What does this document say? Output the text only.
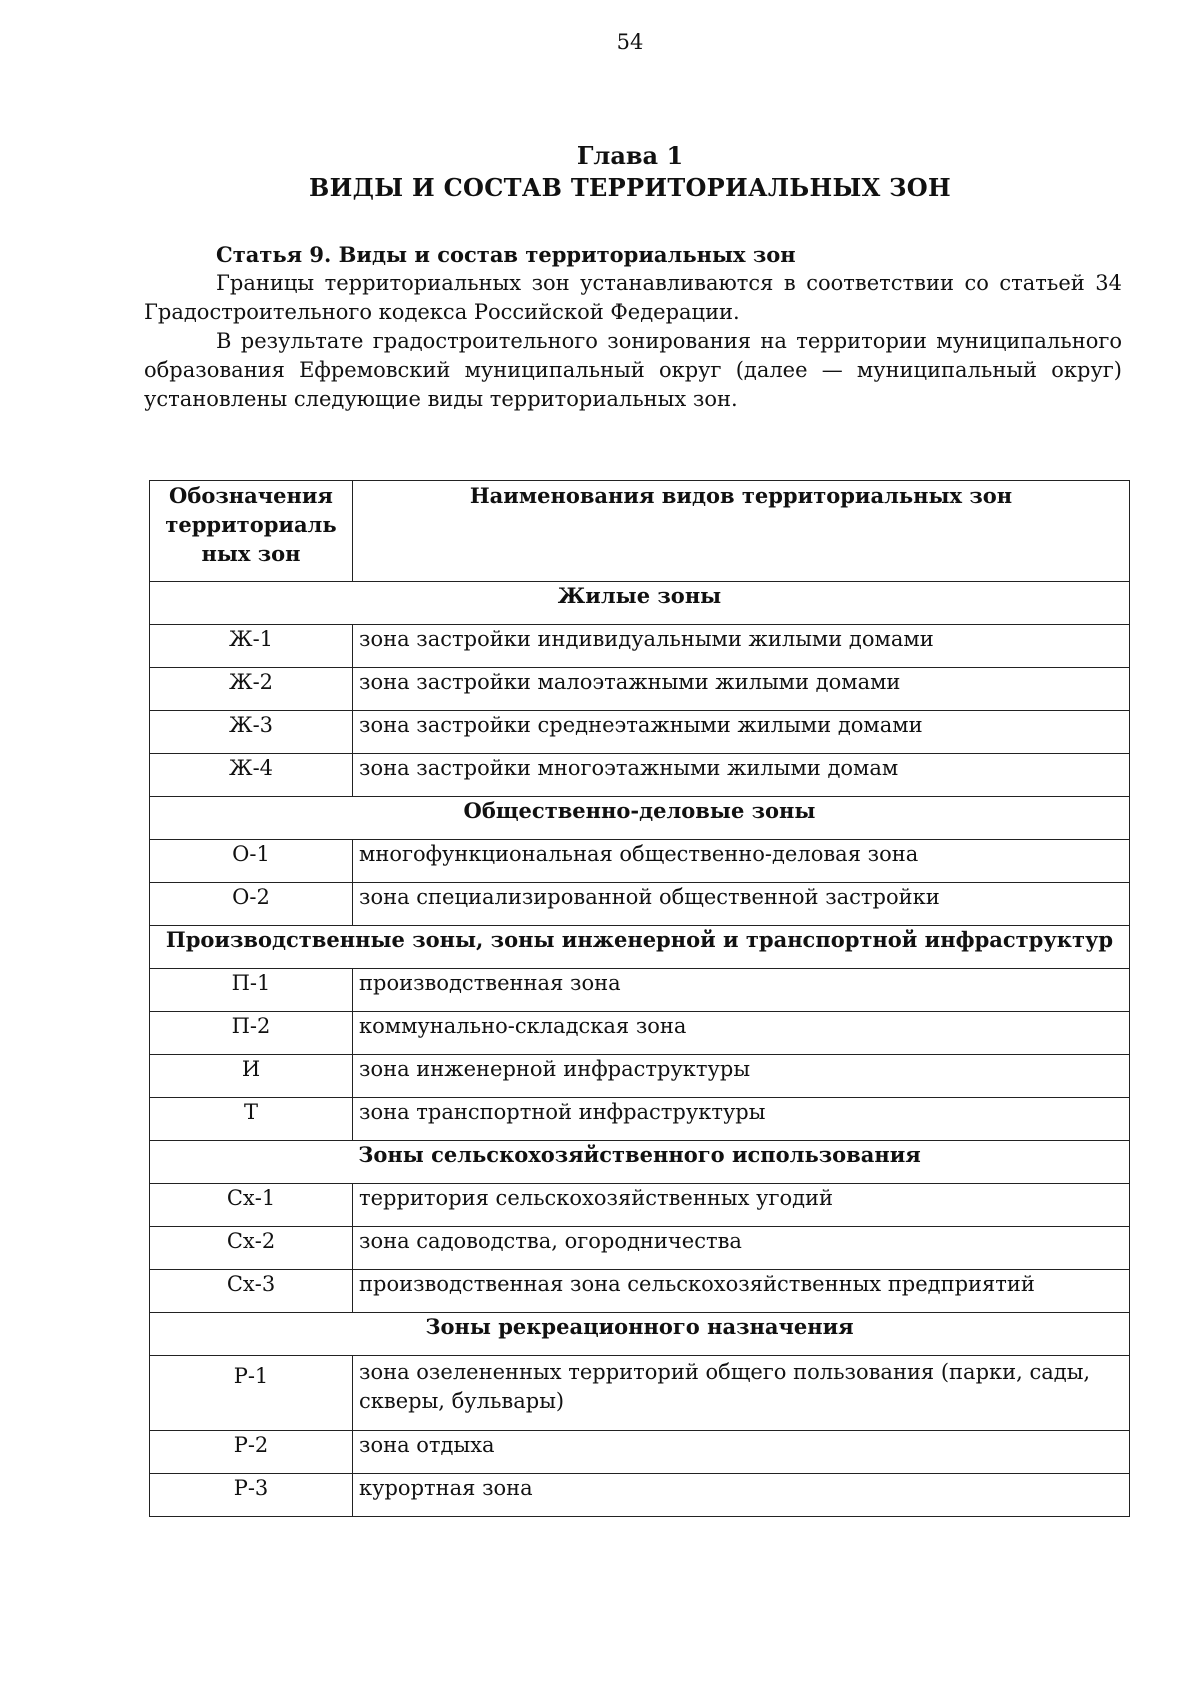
54
Глава 1
ВИДЫ И СОСТАВ ТЕРРИТОРИАЛЬНЫХ ЗОН
Статья 9. Виды и состав территориальных зон

Границы территориальных зон устанавливаются в соответствии со статьей 34 Градостроительного кодекса Российской Федерации.

В результате градостроительного зонирования на территории муниципального образования Ефремовский муниципальный округ (далее — муниципальный округ) установлены следующие виды территориальных зон.

Обозначения территориаль ных зон	Наименования видов территориальных зон
Жилые зоны	
Ж-1	зона застройки индивидуальными жилыми домами
Ж-2	зона застройки малоэтажными жилыми домами
Ж-3	зона застройки среднеэтажными жилыми домами
Ж-4	зона застройки многоэтажными жилыми домам
Общественно-деловые зоны	
О-1	многофункциональная общественно-деловая зона
О-2	зона специализированной общественной застройки
Производственные зоны, зоны инженерной и транспортной инфраструктур	
П-1	производственная зона
П-2	коммунально-складская зона
И	зона инженерной инфраструктуры
Т	зона транспортной инфраструктуры
Зоны сельскохозяйственного использования	
Сх-1	территория сельскохозяйственных угодий
Сх-2	зона садоводства, огородничества
Сх-3	производственная зона сельскохозяйственных предприятий
Зоны рекреационного назначения	
Р-1	зона озелененных территорий общего пользования (парки, сады, скверы, бульвары)
Р-2	зона отдыха
Р-3	курортная зона
